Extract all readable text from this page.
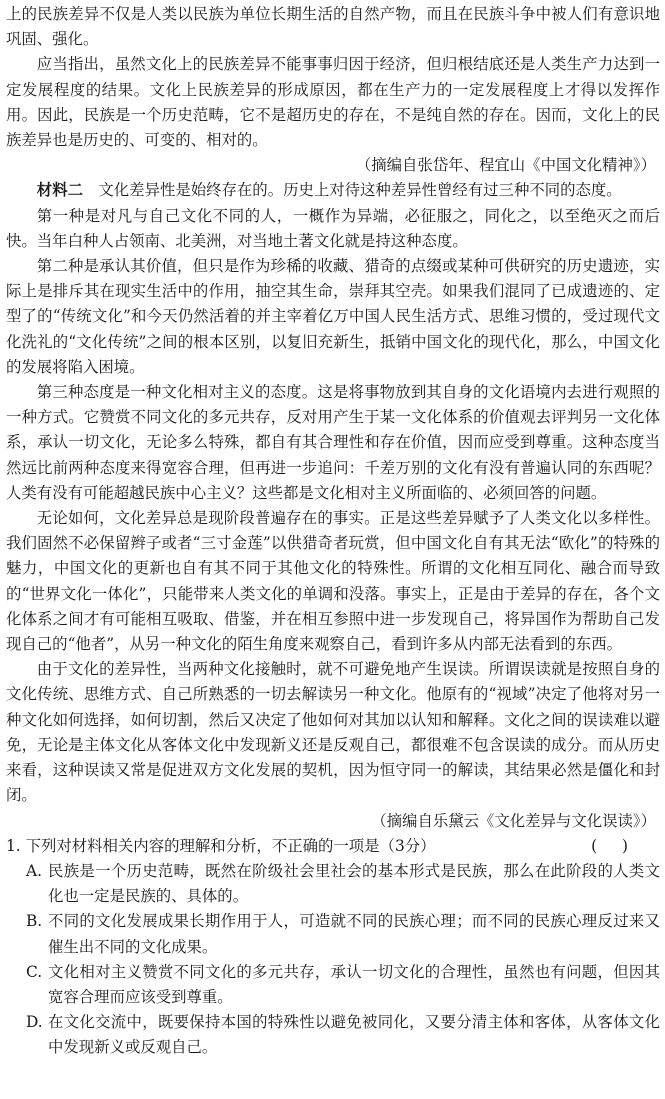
上的民族差异不仅是人类以民族为单位长期生活的自然产物，而且在民族斗争中被人们有意识地巩固、强化。

应当指出，虽然文化上的民族差异不能事事归因于经济，但归根结底还是人类生产力达到一定发展程度的结果。文化上民族差异的形成原因，都在生产力的一定发展程度上才得以发挥作用。因此，民族是一个历史范畴，它不是超历史的存在，不是纯自然的存在。因而，文化上的民族差异也是历史的、可变的、相对的。

（摘编自张岱年、程宜山《中国文化精神》）

材料二　 文化差异性是始终存在的。历史上对待这种差异性曾经有过三种不同的态度。

第一种是对凡与自己文化不同的人，一概作为异端，必征服之，同化之，以至绝灭之而后快。当年白种人占领南、北美洲，对当地土著文化就是持这种态度。

第二种是承认其价值，但只是作为珍稀的收藏、猎奇的点缀或某种可供研究的历史遗迹，实际上是排斥其在现实生活中的作用，抽空其生命，崇拜其空壳。如果我们混同了已成遗迹的、定型了的“传统文化”和今天仍然活着的并主宰着亿万中国人民生活方式、思维习惯的，受过现代文化洗礼的“文化传统”之间的根本区别，以复旧充新生，抵销中国文化的现代化，那么，中国文化的发展将陷入困境。

第三种态度是一种文化相对主义的态度。这是将事物放到其自身的文化语境内去进行观照的一种方式。它赞赏不同文化的多元共存，反对用产生于某一文化体系的价值观去评判另一文化体系，承认一切文化，无论多么特殊，都自有其合理性和存在价值，因而应受到尊重。这种态度当然远比前两种态度来得宽容合理，但再进一步追问：千差万别的文化有没有普遍认同的东西呢？人类有没有可能超越民族中心主义？这些都是文化相对主义所面临的、必须回答的问题。

无论如何，文化差异总是现阶段普遍存在的事实。正是这些差异赋予了人类文化以多样性。我们固然不必保留辫子或者“三寸金莲”以供猎奇者玩赏，但中国文化自有其无法“欧化”的特殊的魅力，中国文化的更新也自有其不同于其他文化的特殊性。所谓的文化相互同化、融合而导致的“世界文化一体化”，只能带来人类文化的单调和没落。事实上，正是由于差异的存在，各个文化体系之间才有可能相互吸取、借鉴，并在相互参照中进一步发现自己，将异国作为帮助自己发现自己的“他者”，从另一种文化的陌生角度来观察自己，看到许多从内部无法看到的东西。

由于文化的差异性，当两种文化接触时，就不可避免地产生误读。所谓误读就是按照自身的文化传统、思维方式、自己所熟悉的一切去解读另一种文化。他原有的“视域”决定了他将对另一种文化如何选择，如何切割，然后又决定了他如何对其加以认知和解释。文化之间的误读难以避免，无论是主体文化从客体文化中发现新义还是反观自己，都很难不包含误读的成分。而从历史来看，这种误读又常是促进双方文化发展的契机，因为恒守同一的解读，其结果必然是僵化和封闭。

（摘编自乐黛云《文化差异与文化误读》）

1. 下列对材料相关内容的理解和分析，不正确的一项是（3分）	( )
A. 民族是一个历史范畴，既然在阶级社会里社会的基本形式是民族，那么在此阶段的人类文化也一定是民族的、具体的。
B. 不同的文化发展成果长期作用于人，可造就不同的民族心理；而不同的民族心理反过来又催生出不同的文化成果。
C. 文化相对主义赞赏不同文化的多元共存，承认一切文化的合理性，虽然也有问题，但因其宽容合理而应该受到尊重。
D. 在文化交流中，既要保持本国的特殊性以避免被同化，又要分清主体和客体，从客体文化中发现新义或反观自己。
